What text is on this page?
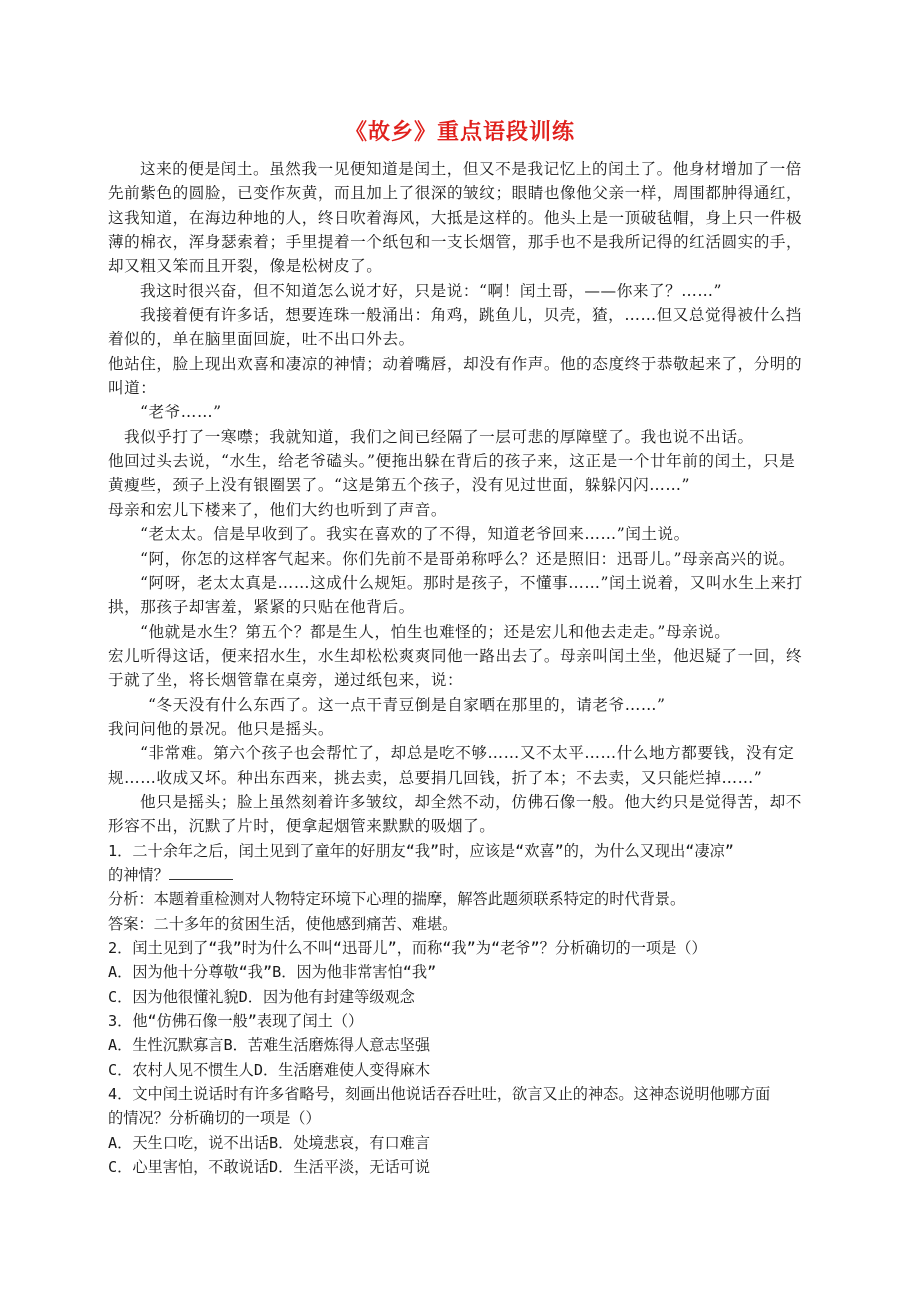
《故乡》重点语段训练
这来的便是闰土。虽然我一见便知道是闰土，但又不是我记忆上的闰土了。他身材增加了一倍
先前紫色的圆脸，已变作灰黄，而且加上了很深的皱纹；眼睛也像他父亲一样，周围都肿得通红，
这我知道，在海边种地的人，终日吹着海风，大抵是这样的。他头上是一顶破毡帽，身上只一件极
薄的棉衣，浑身瑟索着；手里提着一个纸包和一支长烟管，那手也不是我所记得的红活圆实的手，
却又粗又笨而且开裂，像是松树皮了。
我这时很兴奋，但不知道怎么说才好，只是说：“啊！闰土哥，——你来了？……”
我接着便有许多话，想要连珠一般涌出：角鸡，跳鱼儿，贝壳，猹，……但又总觉得被什么挡
着似的，单在脑里面回旋，吐不出口外去。
他站住，脸上现出欢喜和凄凉的神情；动着嘴唇，却没有作声。他的态度终于恭敬起来了，分明的
叫道：
“老爷……”
我似乎打了一寒噤；我就知道，我们之间已经隔了一层可悲的厚障壁了。我也说不出话。
他回过头去说，“水生，给老爷磕头。”便拖出躲在背后的孩子来，这正是一个廿年前的闰土，只是
黄瘦些，颈子上没有银圈罢了。“这是第五个孩子，没有见过世面，躲躲闪闪……”
母亲和宏儿下楼来了，他们大约也听到了声音。
“老太太。信是早收到了。我实在喜欢的了不得，知道老爷回来……”闰土说。
“阿，你怎的这样客气起来。你们先前不是哥弟称呼么？还是照旧：迅哥儿。”母亲高兴的说。
“阿呀，老太太真是……这成什么规矩。那时是孩子，不懂事……”闰土说着，又叫水生上来打
拱，那孩子却害羞，紧紧的只贴在他背后。
“他就是水生？第五个？都是生人，怕生也难怪的；还是宏儿和他去走走。”母亲说。
宏儿听得这话，便来招水生，水生却松松爽爽同他一路出去了。母亲叫闰土坐，他迟疑了一回，终
于就了坐，将长烟管靠在桌旁，递过纸包来，说：
“冬天没有什么东西了。这一点干青豆倒是自家晒在那里的，请老爷……”
我问问他的景况。他只是摇头。
“非常难。第六个孩子也会帮忙了，却总是吃不够……又不太平……什么地方都要钱，没有定
规……收成又坏。种出东西来，挑去卖，总要捐几回钱，折了本；不去卖，又只能烂掉……”
他只是摇头；脸上虽然刻着许多皱纹，却全然不动，仿佛石像一般。他大约只是觉得苦，却不
形容不出，沉默了片时，便拿起烟管来默默的吸烟了。
1．二十余年之后，闰土见到了童年的好朋友“我”时，应该是“欢喜”的，为什么又现出“凄凉”
的神情？
分析：本题着重检测对人物特定环境下心理的揣摩，解答此题须联系特定的时代背景。
答案：二十多年的贫困生活，使他感到痛苦、难堪。
2．闰土见到了“我”时为什么不叫“迅哥儿”，而称“我”为“老爷”？分析确切的一项是（）
A．因为他十分尊敬“我”B．因为他非常害怕“我”
C．因为他很懂礼貌D．因为他有封建等级观念
3．他“仿佛石像一般”表现了闰土（）
A．生性沉默寡言B．苦难生活磨炼得人意志坚强
C．农村人见不惯生人D．生活磨难使人变得麻木
4．文中闰土说话时有许多省略号，刻画出他说话吞吞吐吐，欲言又止的神态。这神态说明他哪方面
的情况？分析确切的一项是（）
A．天生口吃，说不出话B．处境悲哀，有口难言
C．心里害怕，不敢说话D．生活平淡，无话可说
